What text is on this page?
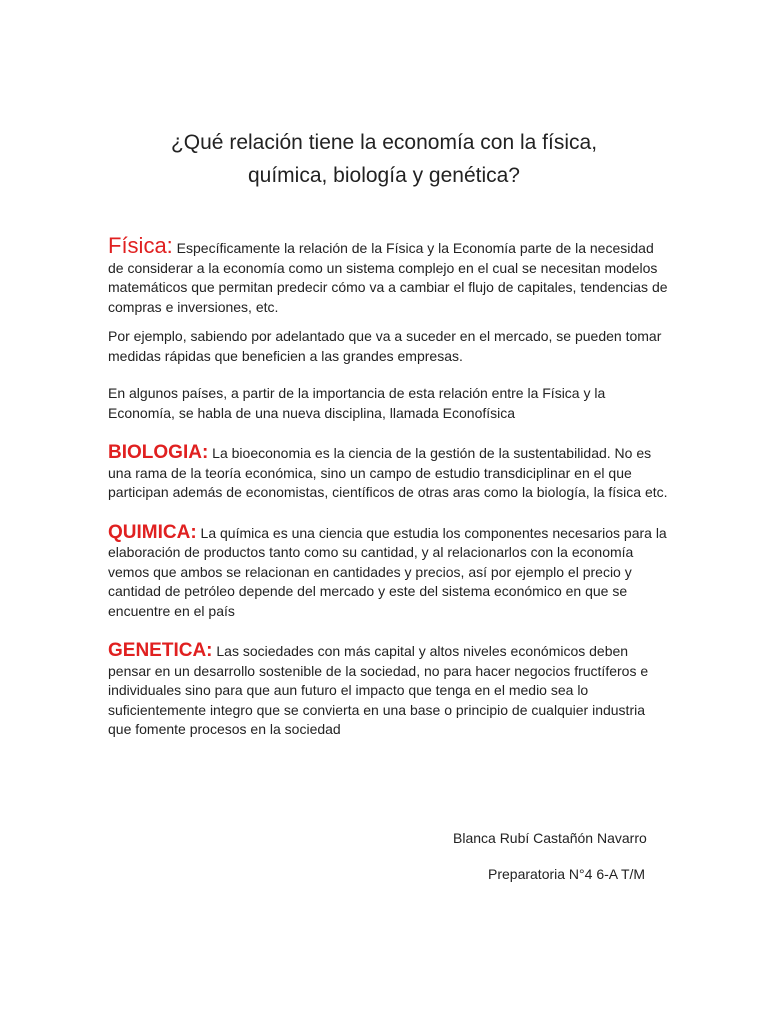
¿Qué relación tiene la economía con la física,
química, biología y genética?

Física: Específicamente la relación de la Física y la Economía parte de la necesidad de considerar a la economía como un sistema complejo en el cual se necesitan modelos matemáticos que permitan predecir cómo va a cambiar el flujo de capitales, tendencias de compras e inversiones, etc.

Por ejemplo, sabiendo por adelantado que va a suceder en el mercado, se pueden tomar medidas rápidas que beneficien a las grandes empresas.

En algunos países, a partir de la importancia de esta relación entre la Física y la Economía, se habla de una nueva disciplina, llamada Econofísica

BIOLOGIA: La bioeconomia es la ciencia de la gestión de la sustentabilidad. No es una rama de la teoría económica, sino un campo de estudio transdiciplinar en el que participan además de economistas, científicos de otras aras como la biología, la física etc.

QUIMICA: La química es una ciencia que estudia los componentes necesarios para la elaboración de productos tanto como su cantidad, y al relacionarlos con la economía vemos que ambos se relacionan en cantidades y precios, así por ejemplo el precio y cantidad de petróleo depende del mercado y este del sistema económico en que se encuentre en el país

GENETICA: Las sociedades con más capital y altos niveles económicos deben pensar en un desarrollo sostenible de la sociedad, no para hacer negocios fructíferos e individuales sino para que aun futuro el impacto que tenga en el medio sea lo suficientemente integro que se convierta en una base o principio de cualquier industria que fomente procesos en la sociedad

Blanca Rubí Castañón Navarro
Preparatoria N°4 6-A T/M
